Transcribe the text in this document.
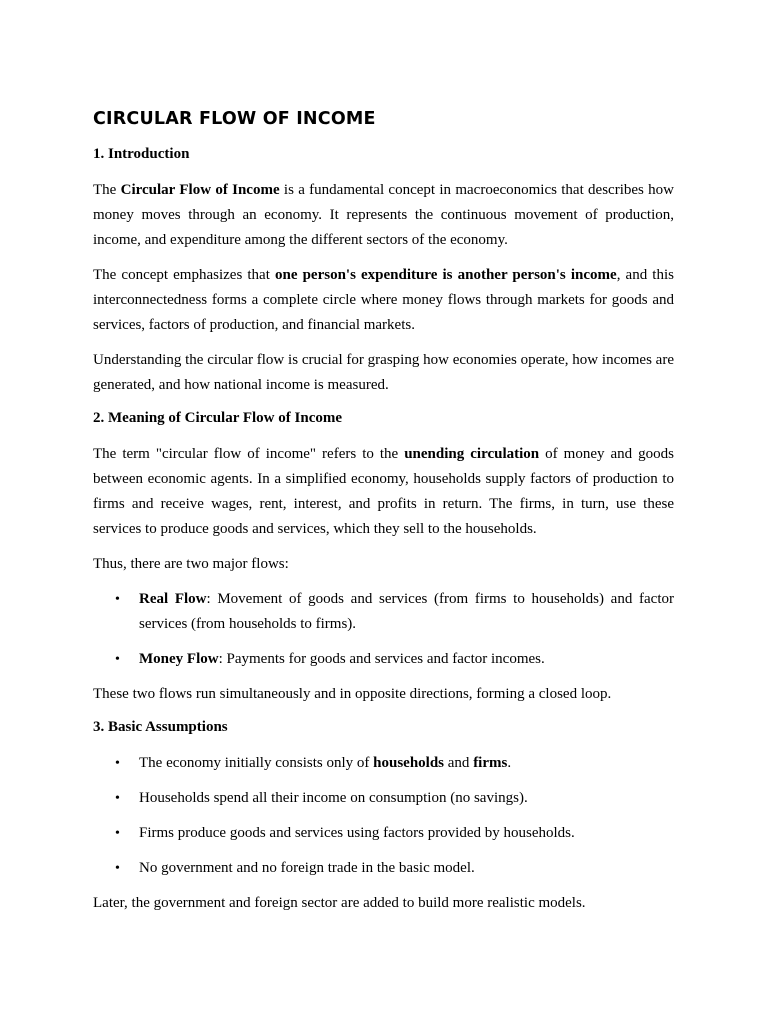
CIRCULAR FLOW OF INCOME
1. Introduction

The Circular Flow of Income is a fundamental concept in macroeconomics that describes how money moves through an economy. It represents the continuous movement of production, income, and expenditure among the different sectors of the economy.

The concept emphasizes that one person's expenditure is another person's income, and this interconnectedness forms a complete circle where money flows through markets for goods and services, factors of production, and financial markets.

Understanding the circular flow is crucial for grasping how economies operate, how incomes are generated, and how national income is measured.

2. Meaning of Circular Flow of Income

The term "circular flow of income" refers to the unending circulation of money and goods between economic agents. In a simplified economy, households supply factors of production to firms and receive wages, rent, interest, and profits in return. The firms, in turn, use these services to produce goods and services, which they sell to the households.

Thus, there are two major flows:

• Real Flow: Movement of goods and services (from firms to households) and factor services (from households to firms).
• Money Flow: Payments for goods and services and factor incomes.

These two flows run simultaneously and in opposite directions, forming a closed loop.

3. Basic Assumptions
• The economy initially consists only of households and firms.
• Households spend all their income on consumption (no savings).
• Firms produce goods and services using factors provided by households.
• No government and no foreign trade in the basic model.

Later, the government and foreign sector are added to build more realistic models.
